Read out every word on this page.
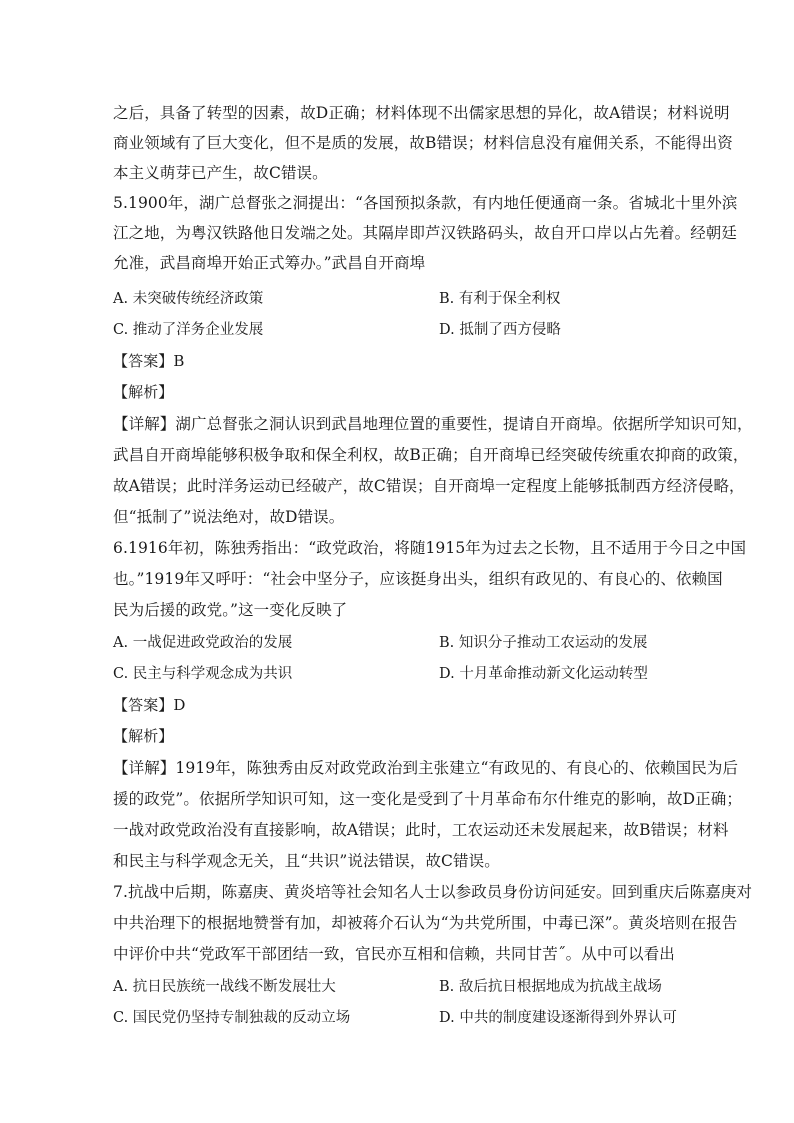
之后，具备了转型的因素，故D正确；材料体现不出儒家思想的异化，故A错误；材料说明
商业领域有了巨大变化，但不是质的发展，故B错误；材料信息没有雇佣关系，不能得出资
本主义萌芽已产生，故C错误。
5.1900年，湖广总督张之洞提出：“各国预拟条款，有内地任便通商一条。省城北十里外滨
江之地，为粤汉铁路他日发端之处。其隔岸即芦汉铁路码头，故自开口岸以占先着。经朝廷
允准，武昌商埠开始正式筹办。”武昌自开商埠
A. 未突破传统经济政策	B. 有利于保全利权
C. 推动了洋务企业发展	D. 抵制了西方侵略
【答案】B
【解析】
【详解】湖广总督张之洞认识到武昌地理位置的重要性，提请自开商埠。依据所学知识可知，
武昌自开商埠能够积极争取和保全利权，故B正确；自开商埠已经突破传统重农抑商的政策，
故A错误；此时洋务运动已经破产，故C错误；自开商埠一定程度上能够抵制西方经济侵略，
但“抵制了”说法绝对，故D错误。
6.1916年初，陈独秀指出：“政党政治，将随1915年为过去之长物，且不适用于今日之中国
也。”1919年又呼吁：“社会中坚分子，应该挺身出头，组织有政见的、有良心的、依赖国
民为后援的政党。”这一变化反映了
A. 一战促进政党政治的发展	B. 知识分子推动工农运动的发展
C. 民主与科学观念成为共识	D. 十月革命推动新文化运动转型
【答案】D
【解析】
【详解】1919年，陈独秀由反对政党政治到主张建立“有政见的、有良心的、依赖国民为后
援的政党”。依据所学知识可知，这一变化是受到了十月革命布尔什维克的影响，故D正确；
一战对政党政治没有直接影响，故A错误；此时，工农运动还未发展起来，故B错误；材料
和民主与科学观念无关，且“共识”说法错误，故C错误。
7.抗战中后期，陈嘉庚、黄炎培等社会知名人士以参政员身份访问延安。回到重庆后陈嘉庚对
中共治理下的根据地赞誉有加，却被蒋介石认为“为共党所围，中毒已深”。黄炎培则在报告
中评价中共“党政军干部团结一致，官民亦互相和信赖，共同甘苦˝。从中可以看出
A. 抗日民族统一战线不断发展壮大	B. 敌后抗日根据地成为抗战主战场
C. 国民党仍坚持专制独裁的反动立场	D. 中共的制度建设逐渐得到外界认可
